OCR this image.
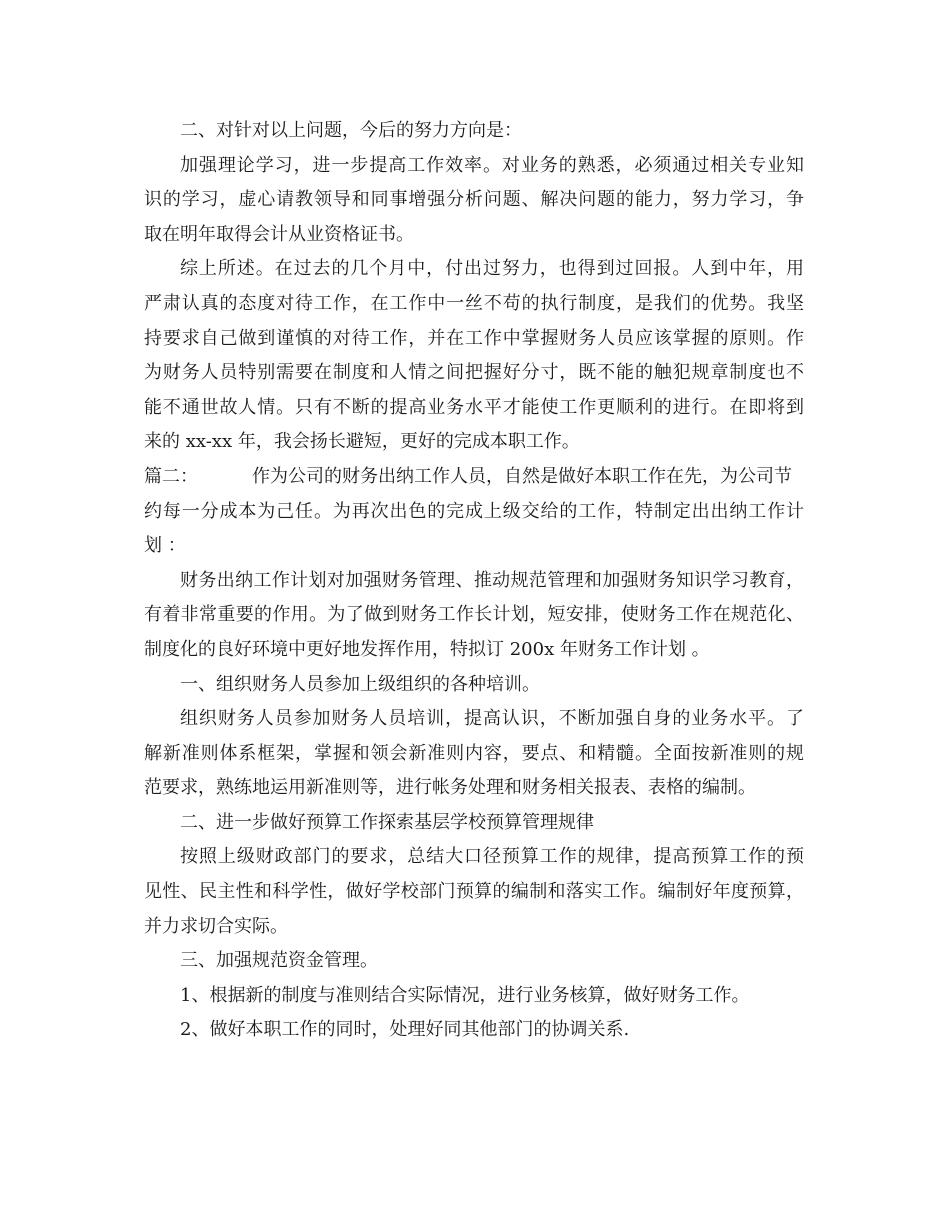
二、对针对以上问题，今后的努力方向是：
加强理论学习，进一步提高工作效率。对业务的熟悉，必须通过相关专业知
识的学习，虚心请教领导和同事增强分析问题、解决问题的能力，努力学习，争
取在明年取得会计从业资格证书。
综上所述。在过去的几个月中，付出过努力，也得到过回报。人到中年，用
严肃认真的态度对待工作，在工作中一丝不苟的执行制度，是我们的优势。我坚
持要求自己做到谨慎的对待工作，并在工作中掌握财务人员应该掌握的原则。作
为财务人员特别需要在制度和人情之间把握好分寸，既不能的触犯规章制度也不
能不通世故人情。只有不断的提高业务水平才能使工作更顺利的进行。在即将到
来的 xx-xx 年，我会扬长避短，更好的完成本职工作。
篇二：	作为公司的财务出纳工作人员，自然是做好本职工作在先，为公司节
约每一分成本为己任。为再次出色的完成上级交给的工作，特制定出出纳工作计
划 ：
财务出纳工作计划对加强财务管理、推动规范管理和加强财务知识学习教育，
有着非常重要的作用。为了做到财务工作长计划，短安排，使财务工作在规范化、
制度化的良好环境中更好地发挥作用，特拟订 200x 年财务工作计划 。
一、组织财务人员参加上级组织的各种培训。
组织财务人员参加财务人员培训，提高认识，不断加强自身的业务水平。了
解新准则体系框架，掌握和领会新准则内容，要点、和精髓。全面按新准则的规
范要求，熟练地运用新准则等，进行帐务处理和财务相关报表、表格的编制。
二、进一步做好预算工作探索基层学校预算管理规律
按照上级财政部门的要求，总结大口径预算工作的规律，提高预算工作的预
见性、民主性和科学性，做好学校部门预算的编制和落实工作。编制好年度预算，
并力求切合实际。
三、加强规范资金管理。
1、根据新的制度与准则结合实际情况，进行业务核算，做好财务工作。
2、做好本职工作的同时，处理好同其他部门的协调关系.
